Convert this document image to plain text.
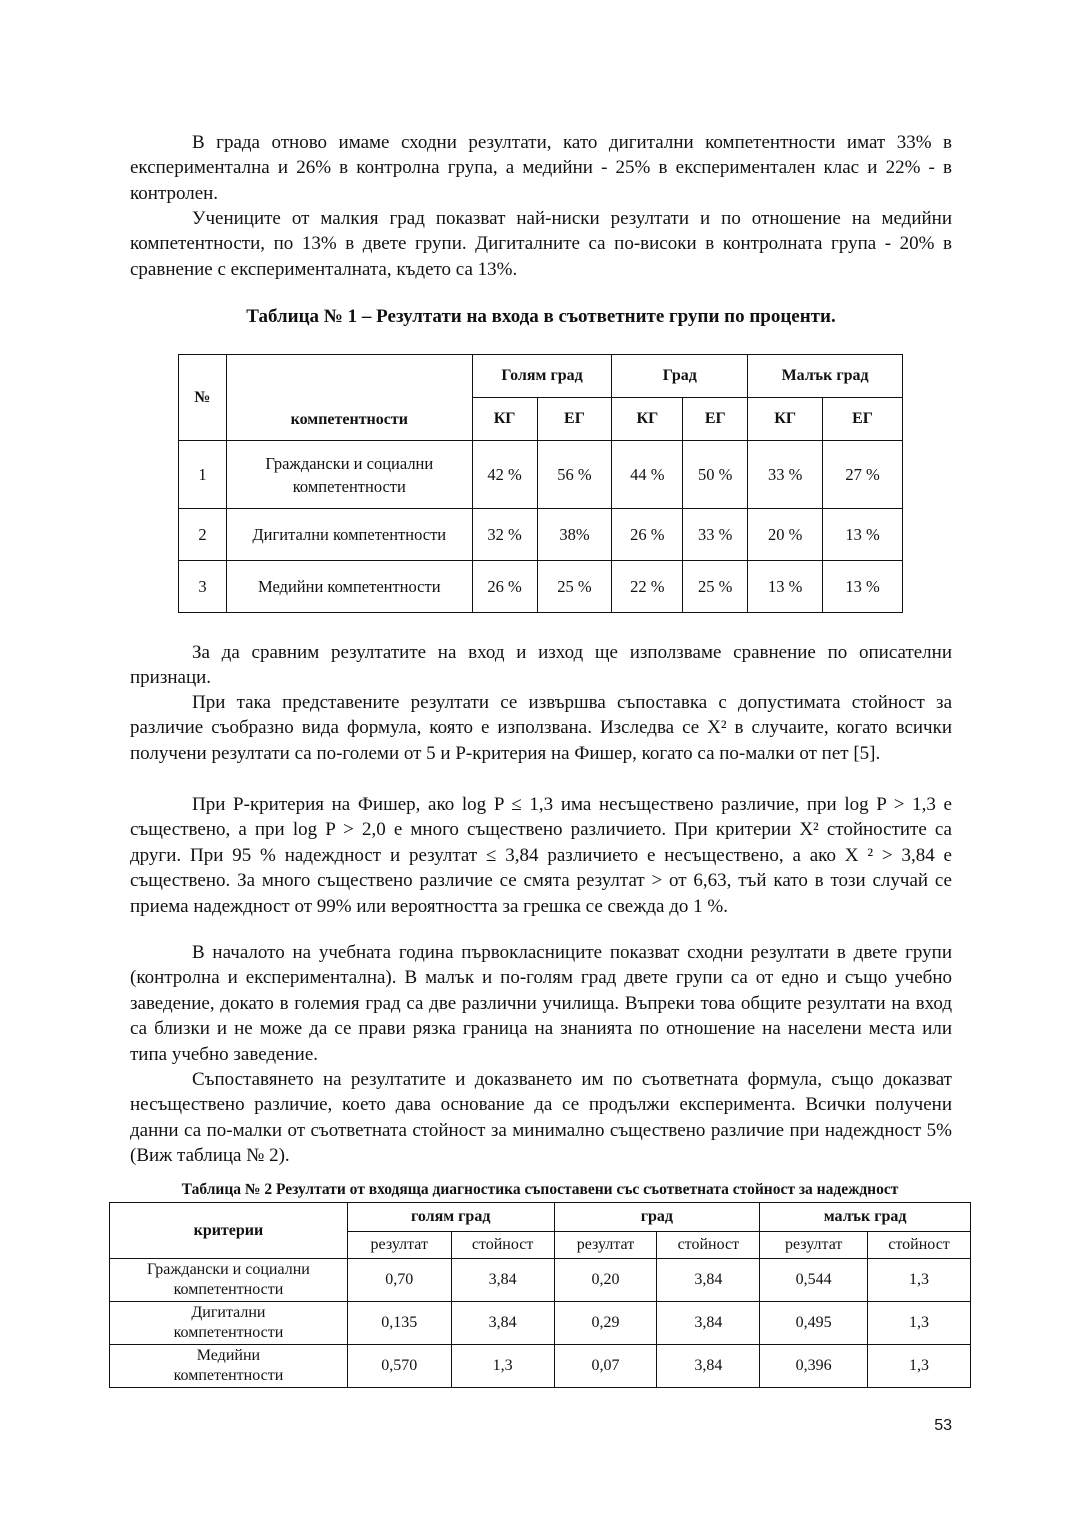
В града отново имаме сходни резултати, като дигитални компетентности имат 33% в експериментална и 26% в контролна група, а медийни - 25% в експериментален клас и 22% - в контролен.

Учениците от малкия град показват най-ниски резултати и по отношение на медийни компетентности, по 13% в двете групи. Дигиталните са по-високи в контролната група - 20% в сравнение с експерименталната, където са 13%.

Таблица № 1 – Резултати на входа в съответните групи по проценти.

№	компетентности	Голям град		Град		Малък град	
		КГ	ЕГ	КГ	ЕГ	КГ	ЕГ
1	Граждански и социални компетентности	42 %	56 %	44 %	50 %	33 %	27 %
2	Дигитални компетентности	32 %	38%	26 %	33 %	20 %	13 %
3	Медийни компетентности	26 %	25 %	22 %	25 %	13 %	13 %

За да сравним резултатите на вход и изход ще използваме сравнение по описателни признаци.

При така представените резултати се извършва съпоставка с допустимата стойност за различие съобразно вида формула, която е използвана. Изследва се X² в случаите, когато всички получени резултати са по-големи от 5 и P-критерия на Фишер, когато са по-малки от пет [5].

При P-критерия на Фишер, ако log P ≤ 1,3 има несъществено различие, при log P > 1,3 е съществено, а при log P > 2,0 е много съществено различието. При критерии X² стойностите са други. При 95 % надеждност и резултат ≤ 3,84 различието е несъществено, а ако X ² > 3,84 е съществено. За много съществено различие се смята резултат > от 6,63, тъй като в този случай се приема надеждност от 99% или вероятността за грешка се свежда до 1 %.

В началото на учебната година първокласниците показват сходни резултати в двете групи (контролна и експериментална). В малък и по-голям град двете групи са от едно и също учебно заведение, докато в големия град са две различни училища. Въпреки това общите резултати на вход са близки и не може да се прави рязка граница на знанията по отношение на населени места или типа учебно заведение.

Съпоставянето на резултатите и доказването им по съответната формула, също доказват несъществено различие, което дава основание да се продължи експеримента. Всички получени данни са по-малки от съответната стойност за минимално съществено различие при надеждност 5% (Виж таблица № 2).

Таблица № 2 Резултати от входяща диагностика съпоставени със съответната стойност за надеждност

критерии	голям град		град		малък град	
	резултат	стойност	резултат	стойност	резултат	стойност
Граждански и социални компетентности	0,70	3,84	0,20	3,84	0,544	1,3
Дигитални компетентности	0,135	3,84	0,29	3,84	0,495	1,3
Медийни компетентности	0,570	1,3	0,07	3,84	0,396	1,3
53
